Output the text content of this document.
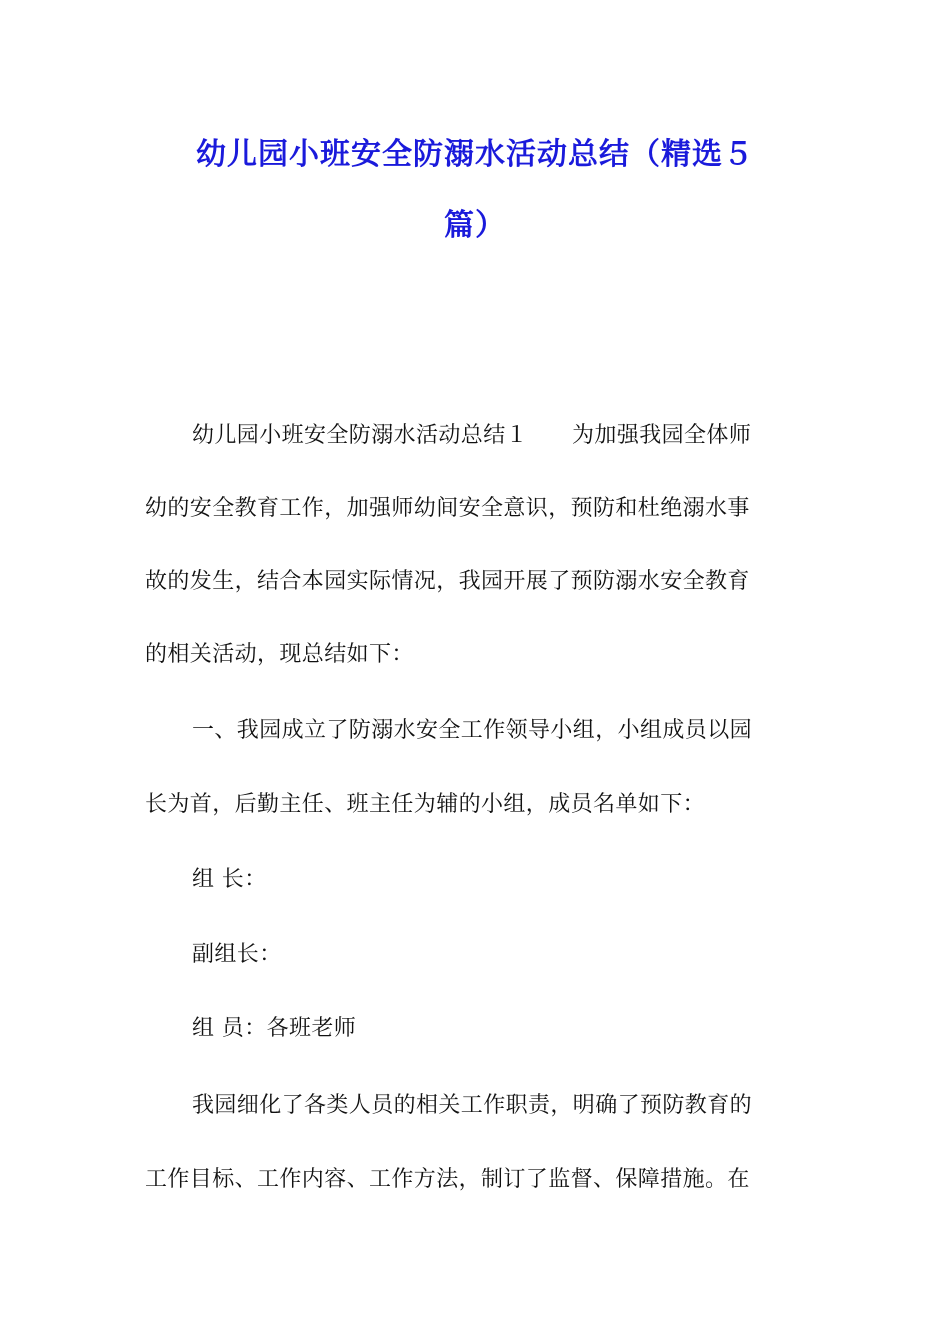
幼儿园小班安全防溺水活动总结（精选５
篇）
幼儿园小班安全防溺水活动总结１ 为加强我园全体师
幼的安全教育工作，加强师幼间安全意识，预防和杜绝溺水事
故的发生，结合本园实际情况，我园开展了预防溺水安全教育
的相关活动，现总结如下：
一、我园成立了防溺水安全工作领导小组，小组成员以园
长为首，后勤主任、班主任为辅的小组，成员名单如下：
组 长：
副组长：
组 员：各班老师
我园细化了各类人员的相关工作职责，明确了预防教育的
工作目标、工作内容、工作方法，制订了监督、保障措施。在
